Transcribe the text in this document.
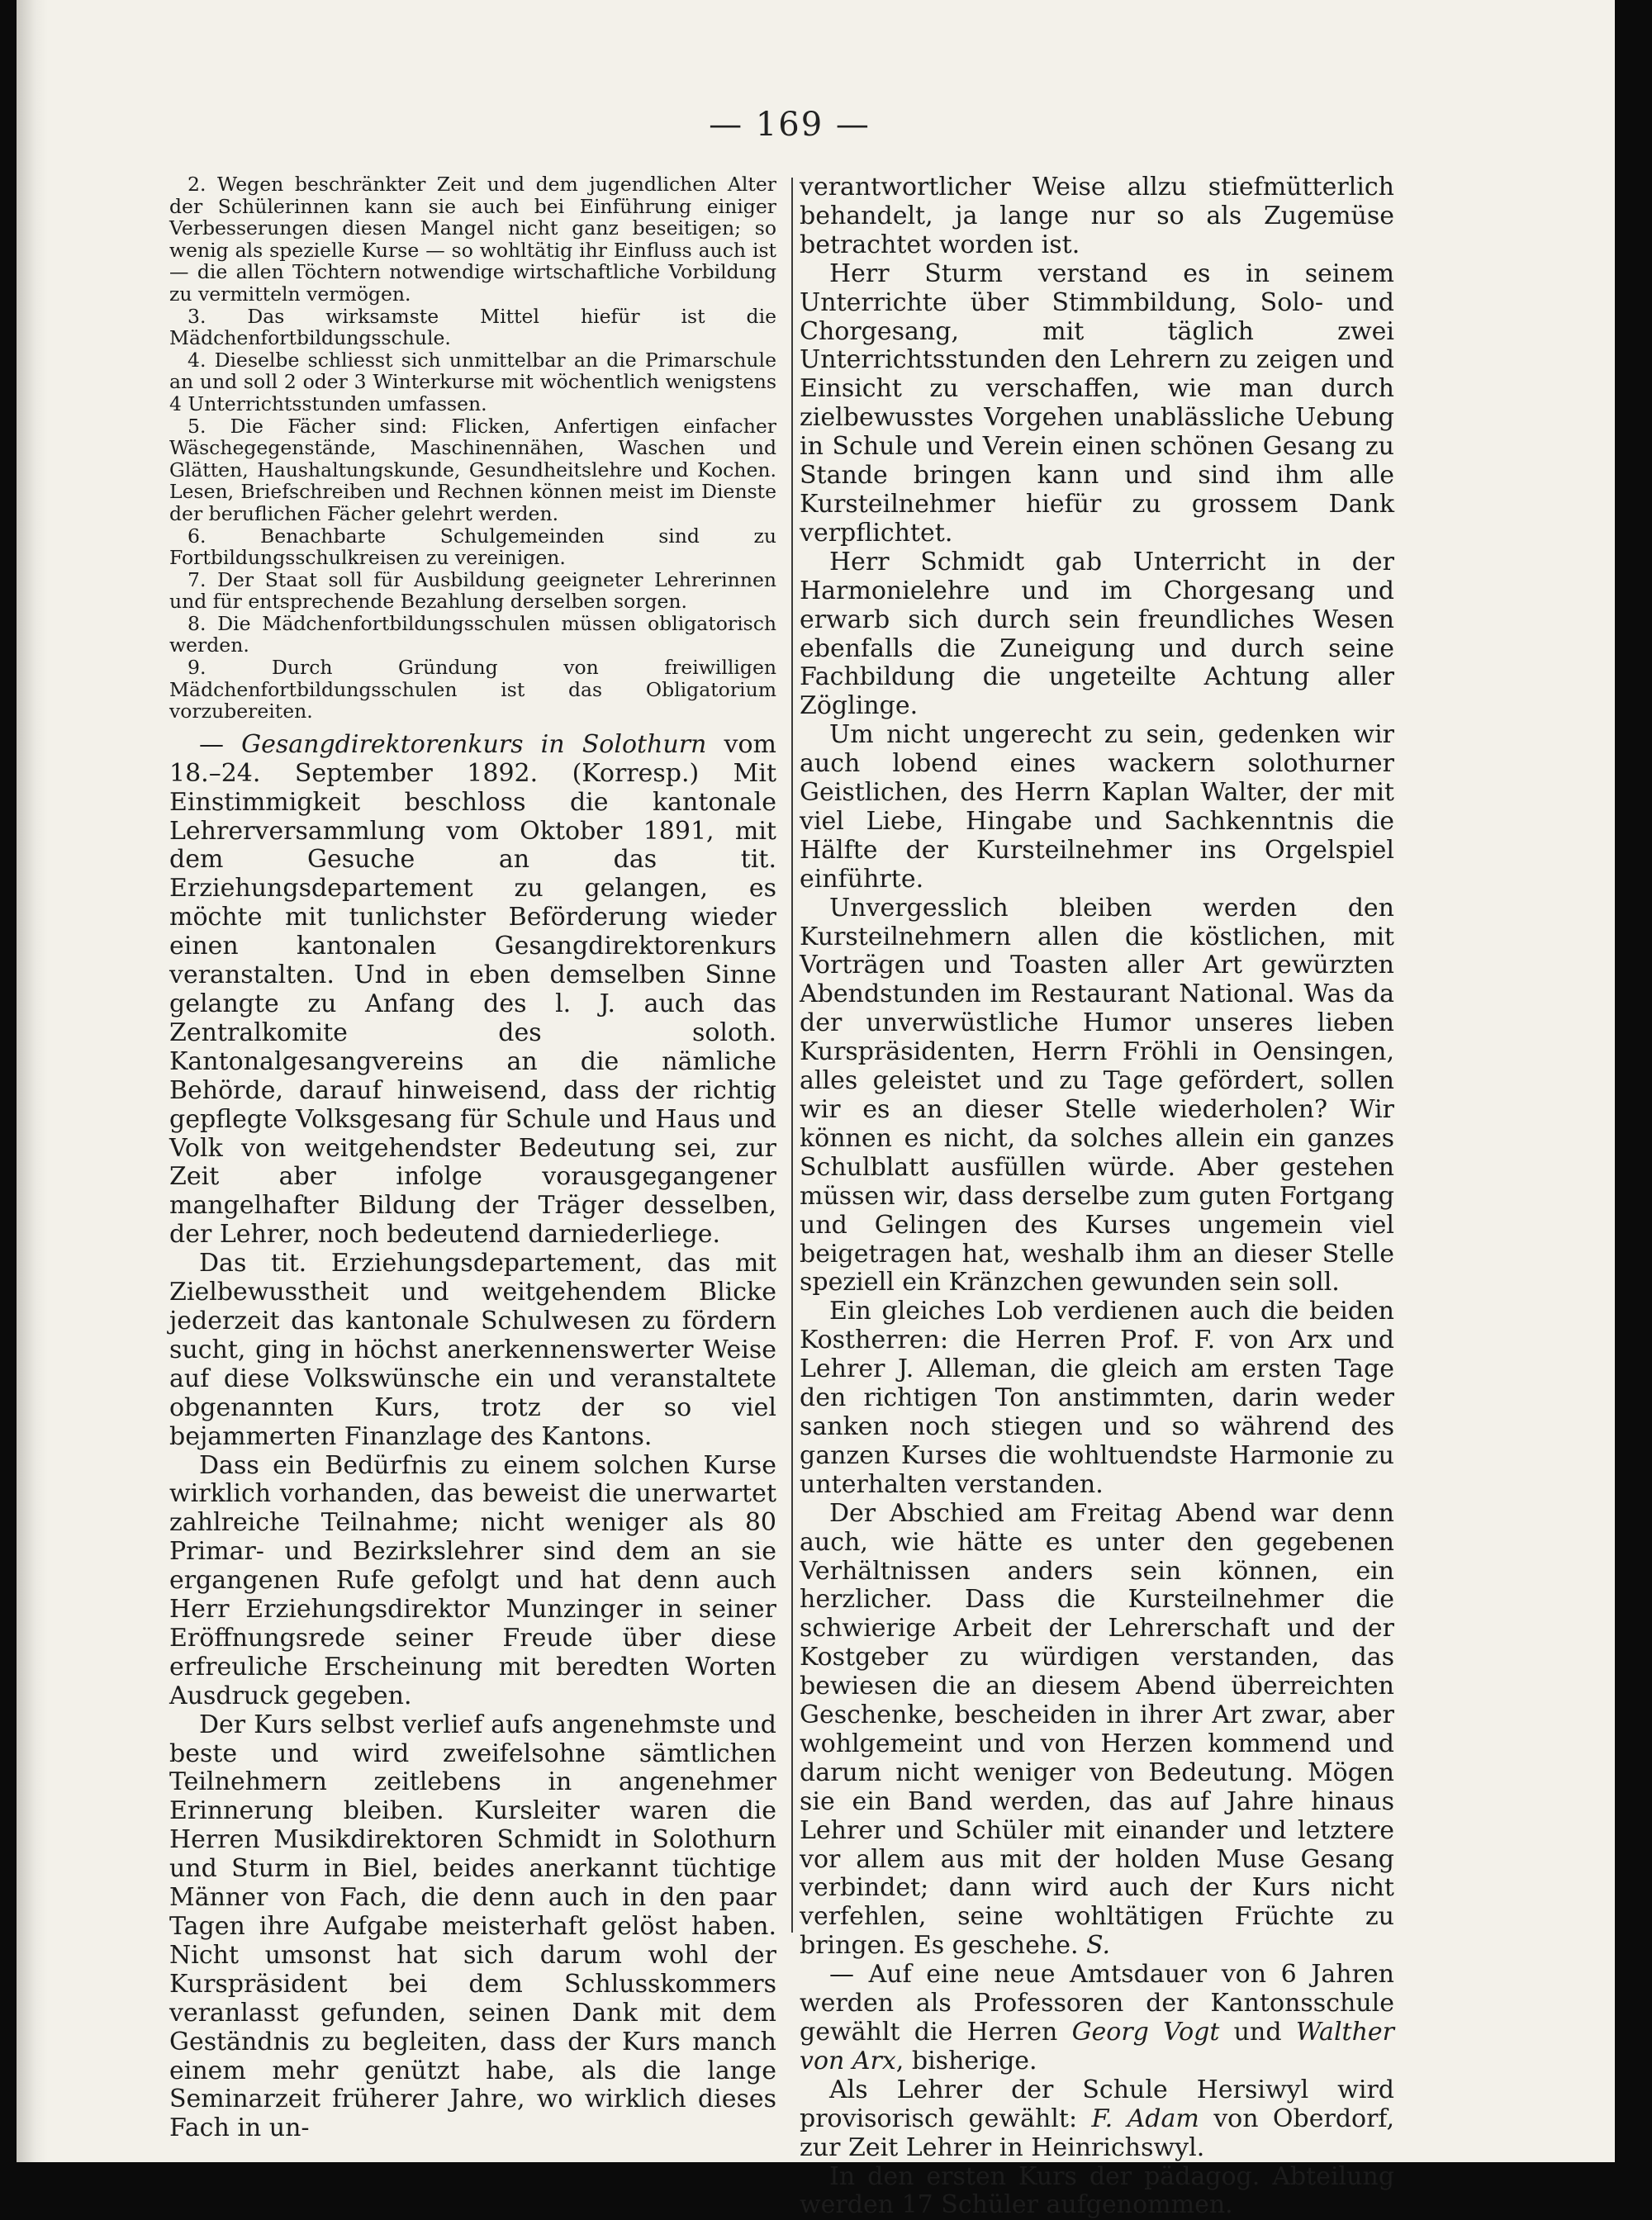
— 169 —

2. Wegen beschränkter Zeit und dem jugendlichen Alter der Schülerinnen kann sie auch bei Einführung einiger Verbesserungen diesen Mangel nicht ganz beseitigen; so wenig als spezielle Kurse — so wohltätig ihr Einfluss auch ist — die allen Töchtern notwendige wirtschaftliche Vorbildung zu vermitteln vermögen.

3. Das wirksamste Mittel hiefür ist die Mädchenfortbildungsschule.

4. Dieselbe schliesst sich unmittelbar an die Primarschule an und soll 2 oder 3 Winterkurse mit wöchentlich wenigstens 4 Unterrichtsstunden umfassen.

5. Die Fächer sind: Flicken, Anfertigen einfacher Wäschegegenstände, Maschinennähen, Waschen und Glätten, Haushaltungskunde, Gesundheitslehre und Kochen. Lesen, Briefschreiben und Rechnen können meist im Dienste der beruflichen Fächer gelehrt werden.

6. Benachbarte Schulgemeinden sind zu Fortbildungsschulkreisen zu vereinigen.

7. Der Staat soll für Ausbildung geeigneter Lehrerinnen und für entsprechende Bezahlung derselben sorgen.

8. Die Mädchenfortbildungsschulen müssen obligatorisch werden.

9. Durch Gründung von freiwilligen Mädchenfortbildungsschulen ist das Obligatorium vorzubereiten.

— Gesangdirektorenkurs in Solothurn vom 18.–24. September 1892. (Korresp.) Mit Einstimmigkeit beschloss die kantonale Lehrerversammlung vom Oktober 1891, mit dem Gesuche an das tit. Erziehungsdepartement zu gelangen, es möchte mit tunlichster Beförderung wieder einen kantonalen Gesangdirektorenkurs veranstalten. Und in eben demselben Sinne gelangte zu Anfang des l. J. auch das Zentralkomite des soloth. Kantonalgesangvereins an die nämliche Behörde, darauf hinweisend, dass der richtig gepflegte Volksgesang für Schule und Haus und Volk von weitgehendster Bedeutung sei, zur Zeit aber infolge vorausgegangener mangelhafter Bildung der Träger desselben, der Lehrer, noch bedeutend darniederliege.

Das tit. Erziehungsdepartement, das mit Zielbewusstheit und weitgehendem Blicke jederzeit das kantonale Schulwesen zu fördern sucht, ging in höchst anerkennenswerter Weise auf diese Volkswünsche ein und veranstaltete obgenannten Kurs, trotz der so viel bejammerten Finanzlage des Kantons.

Dass ein Bedürfnis zu einem solchen Kurse wirklich vorhanden, das beweist die unerwartet zahlreiche Teilnahme; nicht weniger als 80 Primar- und Bezirkslehrer sind dem an sie ergangenen Rufe gefolgt und hat denn auch Herr Erziehungsdirektor Munzinger in seiner Eröffnungsrede seiner Freude über diese erfreuliche Erscheinung mit beredten Worten Ausdruck gegeben.

Der Kurs selbst verlief aufs angenehmste und beste und wird zweifelsohne sämtlichen Teilnehmern zeitlebens in angenehmer Erinnerung bleiben. Kursleiter waren die Herren Musikdirektoren Schmidt in Solothurn und Sturm in Biel, beides anerkannt tüchtige Männer von Fach, die denn auch in den paar Tagen ihre Aufgabe meisterhaft gelöst haben. Nicht umsonst hat sich darum wohl der Kurspräsident bei dem Schlusskommers veranlasst gefunden, seinen Dank mit dem Geständnis zu begleiten, dass der Kurs manch einem mehr genützt habe, als die lange Seminarzeit früherer Jahre, wo wirklich dieses Fach in un-

verantwortlicher Weise allzu stiefmütterlich behandelt, ja lange nur so als Zugemüse betrachtet worden ist.

Herr Sturm verstand es in seinem Unterrichte über Stimmbildung, Solo- und Chorgesang, mit täglich zwei Unterrichtsstunden den Lehrern zu zeigen und Einsicht zu verschaffen, wie man durch zielbewusstes Vorgehen unablässliche Uebung in Schule und Verein einen schönen Gesang zu Stande bringen kann und sind ihm alle Kursteilnehmer hiefür zu grossem Dank verpflichtet.

Herr Schmidt gab Unterricht in der Harmonielehre und im Chorgesang und erwarb sich durch sein freundliches Wesen ebenfalls die Zuneigung und durch seine Fachbildung die ungeteilte Achtung aller Zöglinge.

Um nicht ungerecht zu sein, gedenken wir auch lobend eines wackern solothurner Geistlichen, des Herrn Kaplan Walter, der mit viel Liebe, Hingabe und Sachkenntnis die Hälfte der Kursteilnehmer ins Orgelspiel einführte.

Unvergesslich bleiben werden den Kursteilnehmern allen die köstlichen, mit Vorträgen und Toasten aller Art gewürzten Abendstunden im Restaurant National. Was da der unverwüstliche Humor unseres lieben Kurspräsidenten, Herrn Fröhli in Oensingen, alles geleistet und zu Tage gefördert, sollen wir es an dieser Stelle wiederholen? Wir können es nicht, da solches allein ein ganzes Schulblatt ausfüllen würde. Aber gestehen müssen wir, dass derselbe zum guten Fortgang und Gelingen des Kurses ungemein viel beigetragen hat, weshalb ihm an dieser Stelle speziell ein Kränzchen gewunden sein soll.

Ein gleiches Lob verdienen auch die beiden Kostherren: die Herren Prof. F. von Arx und Lehrer J. Alleman, die gleich am ersten Tage den richtigen Ton anstimmten, darin weder sanken noch stiegen und so während des ganzen Kurses die wohltuendste Harmonie zu unterhalten verstanden.

Der Abschied am Freitag Abend war denn auch, wie hätte es unter den gegebenen Verhältnissen anders sein können, ein herzlicher. Dass die Kursteilnehmer die schwierige Arbeit der Lehrerschaft und der Kostgeber zu würdigen verstanden, das bewiesen die an diesem Abend überreichten Geschenke, bescheiden in ihrer Art zwar, aber wohlgemeint und von Herzen kommend und darum nicht weniger von Bedeutung. Mögen sie ein Band werden, das auf Jahre hinaus Lehrer und Schüler mit einander und letztere vor allem aus mit der holden Muse Gesang verbindet; dann wird auch der Kurs nicht verfehlen, seine wohltätigen Früchte zu bringen. Es geschehe. S.

— Auf eine neue Amtsdauer von 6 Jahren werden als Professoren der Kantonsschule gewählt die Herren Georg Vogt und Walther von Arx, bisherige.

Als Lehrer der Schule Hersiwyl wird provisorisch gewählt: F. Adam von Oberdorf, zur Zeit Lehrer in Heinrichswyl.

In den ersten Kurs der pädagog. Abteilung werden 17 Schüler aufgenommen.
